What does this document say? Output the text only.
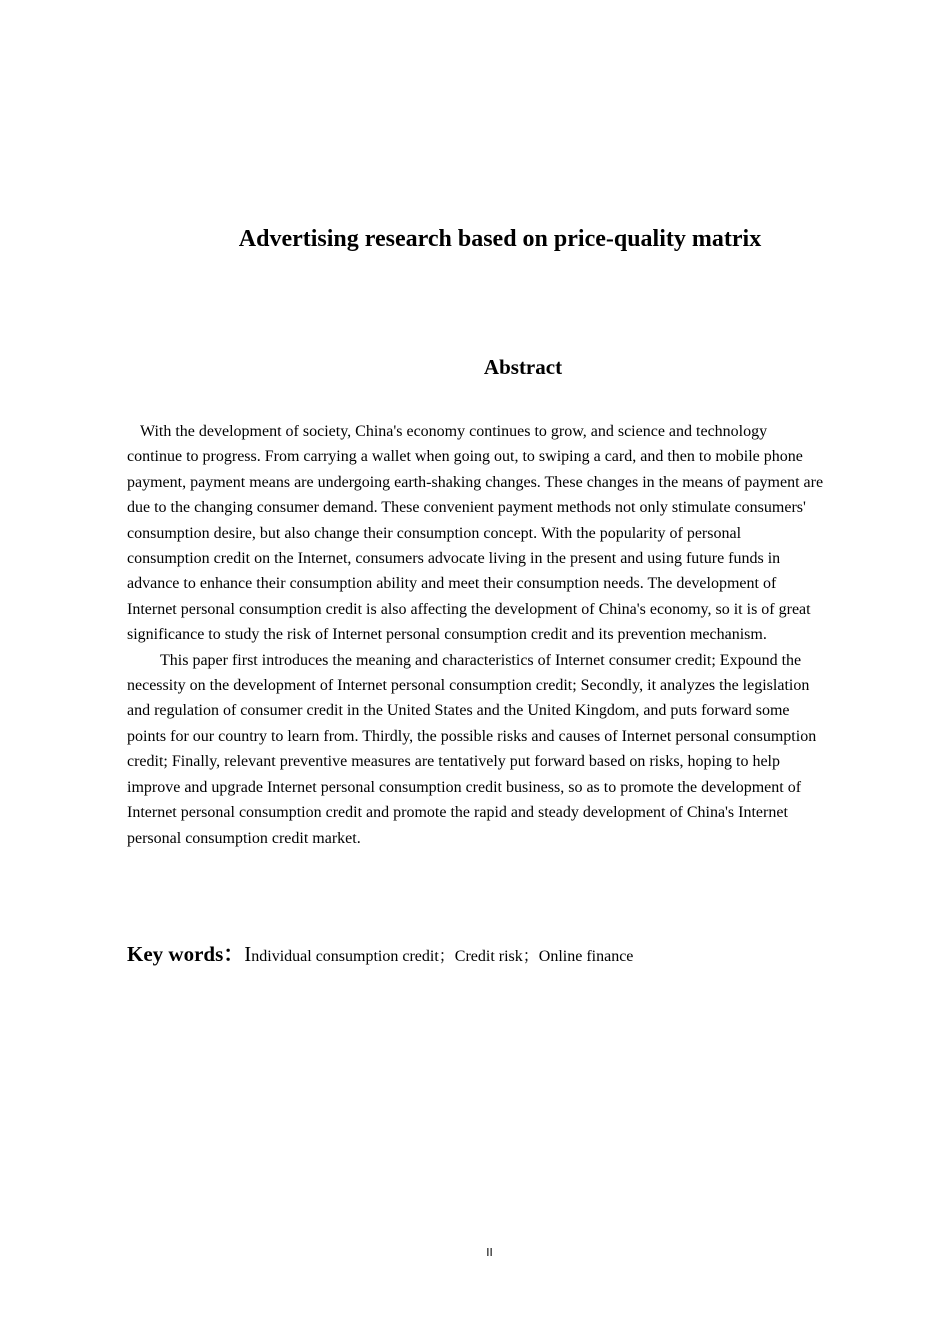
Advertising research based on price-quality matrix
Abstract

With the development of society, China's economy continues to grow, and science and technology continue to progress. From carrying a wallet when going out, to swiping a card, and then to mobile phone payment, payment means are undergoing earth-shaking changes. These changes in the means of payment are due to the changing consumer demand. These convenient payment methods not only stimulate consumers' consumption desire, but also change their consumption concept. With the popularity of personal consumption credit on the Internet, consumers advocate living in the present and using future funds in advance to enhance their consumption ability and meet their consumption needs. The development of Internet personal consumption credit is also affecting the development of China's economy, so it is of great significance to study the risk of Internet personal consumption credit and its prevention mechanism.

This paper first introduces the meaning and characteristics of Internet consumer credit; Expound the necessity on the development of Internet personal consumption credit; Secondly, it analyzes the legislation and regulation of consumer credit in the United States and the United Kingdom, and puts forward some points for our country to learn from. Thirdly, the possible risks and causes of Internet personal consumption credit; Finally, relevant preventive measures are tentatively put forward based on risks, hoping to help improve and upgrade Internet personal consumption credit business, so as to promote the development of Internet personal consumption credit and promote the rapid and steady development of China's Internet personal consumption credit market.

Key words：Individual consumption credit；Credit risk；Online finance
II
